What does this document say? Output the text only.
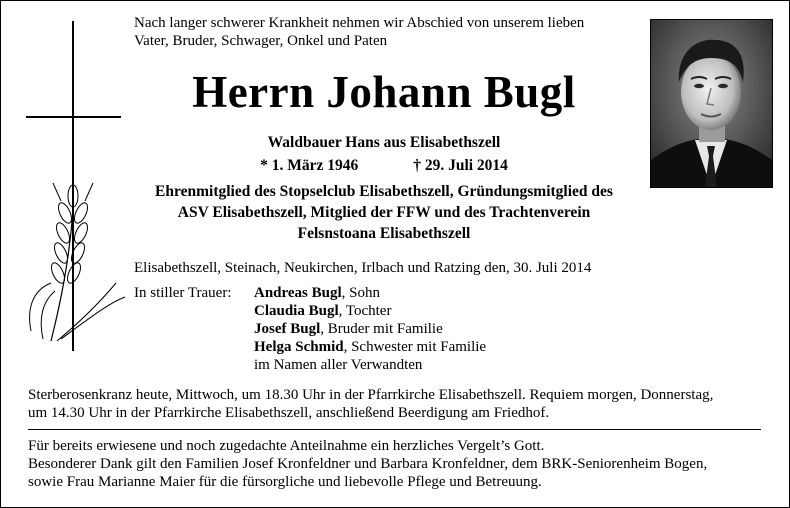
Nach langer schwerer Krankheit nehmen wir Abschied von unserem lieben
Vater, Bruder, Schwager, Onkel und Paten
Herrn Johann Bugl
Waldbauer Hans aus Elisabethszell
* 1. März 1946	† 29. Juli 2014
Ehrenmitglied des Stopselclub Elisabethszell, Gründungsmitglied des
ASV Elisabethszell, Mitglied der FFW und des Trachtenverein
Felsnstoana Elisabethszell
Elisabethszell, Steinach, Neukirchen, Irlbach und Ratzing den, 30. Juli 2014
In stiller Trauer: Andreas Bugl, Sohn
Claudia Bugl, Tochter
Josef Bugl, Bruder mit Familie
Helga Schmid, Schwester mit Familie
im Namen aller Verwandten
Sterberosenkranz heute, Mittwoch, um 18.30 Uhr in der Pfarrkirche Elisabethszell. Requiem morgen, Donnerstag,
um 14.30 Uhr in der Pfarrkirche Elisabethszell, anschließend Beerdigung am Friedhof.
Für bereits erwiesene und noch zugedachte Anteilnahme ein herzliches Vergelt’s Gott.
Besonderer Dank gilt den Familien Josef Kronfeldner und Barbara Kronfeldner, dem BRK-Seniorenheim Bogen,
sowie Frau Marianne Maier für die fürsorgliche und liebevolle Pflege und Betreuung.
